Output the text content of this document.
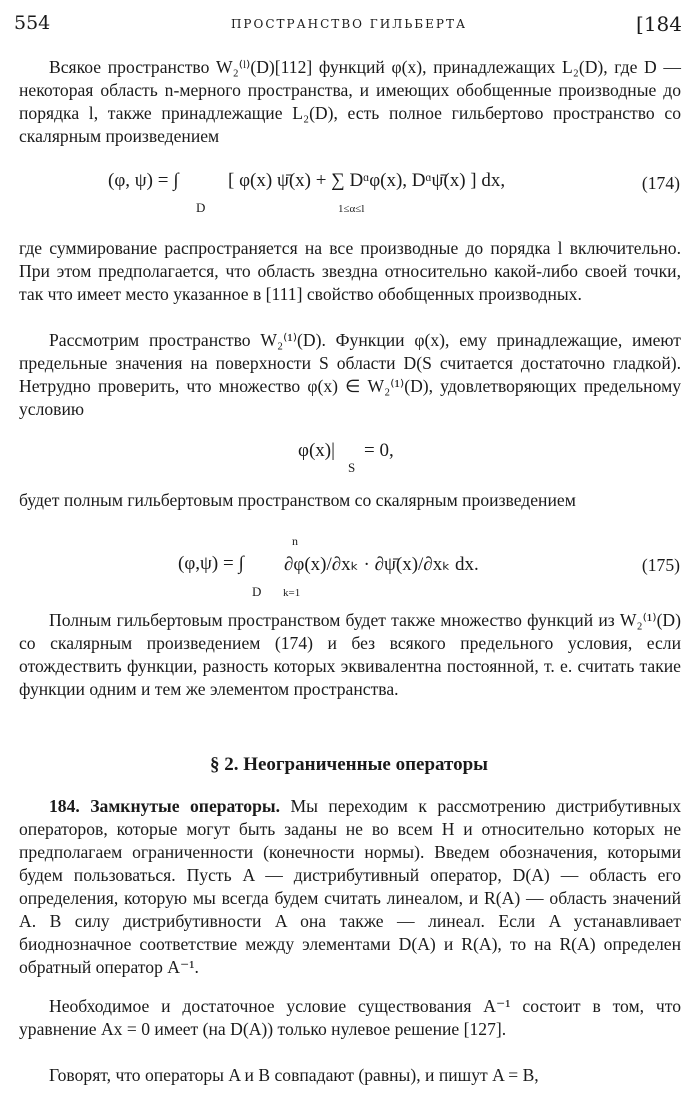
554	ПРОСТРАНСТВО ГИЛЬБЕРТА	[184

Всякое пространство W₂⁽ˡ⁾(D)[112] функций φ(x), принадлежащих L₂(D), где D — некоторая область n-мерного пространства, и имеющих обобщенные производные до порядка l, также принадлежащие L₂(D), есть полное гильбертово пространство со скалярным произведением

(φ, ψ) = ∫
D
[ φ(x) ψ̄(x) + ∑ Dᵅφ(x), Dᵅψ̄(x) ] dx,
1≤α≤l
(174)

где суммирование распространяется на все производные до порядка l включительно. При этом предполагается, что область звездна относительно какой-либо своей точки, так что имеет место указанное в [111] свойство обобщенных производных.

Рассмотрим пространство W₂⁽¹⁾(D). Функции φ(x), ему принадлежащие, имеют предельные значения на поверхности S области D(S считается достаточно гладкой). Нетрудно проверить, что множество φ(x) ∈ W₂⁽¹⁾(D), удовлетворяющих предельному условию

φ(x)|
S
= 0,

будет полным гильбертовым пространством со скалярным произведением

(φ,ψ) = ∫
D
n
k=1
∂φ(x)/∂xₖ · ∂ψ̄(x)/∂xₖ dx.	(175)

Полным гильбертовым пространством будет также множество функций из W₂⁽¹⁾(D) со скалярным произведением (174) и без всякого предельного условия, если отождествить функции, разность которых эквивалентна постоянной, т. е. считать такие функции одним и тем же элементом пространства.

§ 2. Неограниченные операторы

184. Замкнутые операторы. Мы переходим к рассмотрению дистрибутивных операторов, которые могут быть заданы не во всем H и относительно которых не предполагаем ограниченности (конечности нормы). Введем обозначения, которыми будем пользоваться. Пусть A — дистрибутивный оператор, D(A) — область его определения, которую мы всегда будем считать линеалом, и R(A) — область значений A. В силу дистрибутивности A она также — линеал. Если A устанавливает биоднозначное соответствие между элементами D(A) и R(A), то на R(A) определен обратный оператор A⁻¹.

Необходимое и достаточное условие существования A⁻¹ состоит в том, что уравнение Ax = 0 имеет (на D(A)) только нулевое решение [127].

Говорят, что операторы A и B совпадают (равны), и пишут A = B,
